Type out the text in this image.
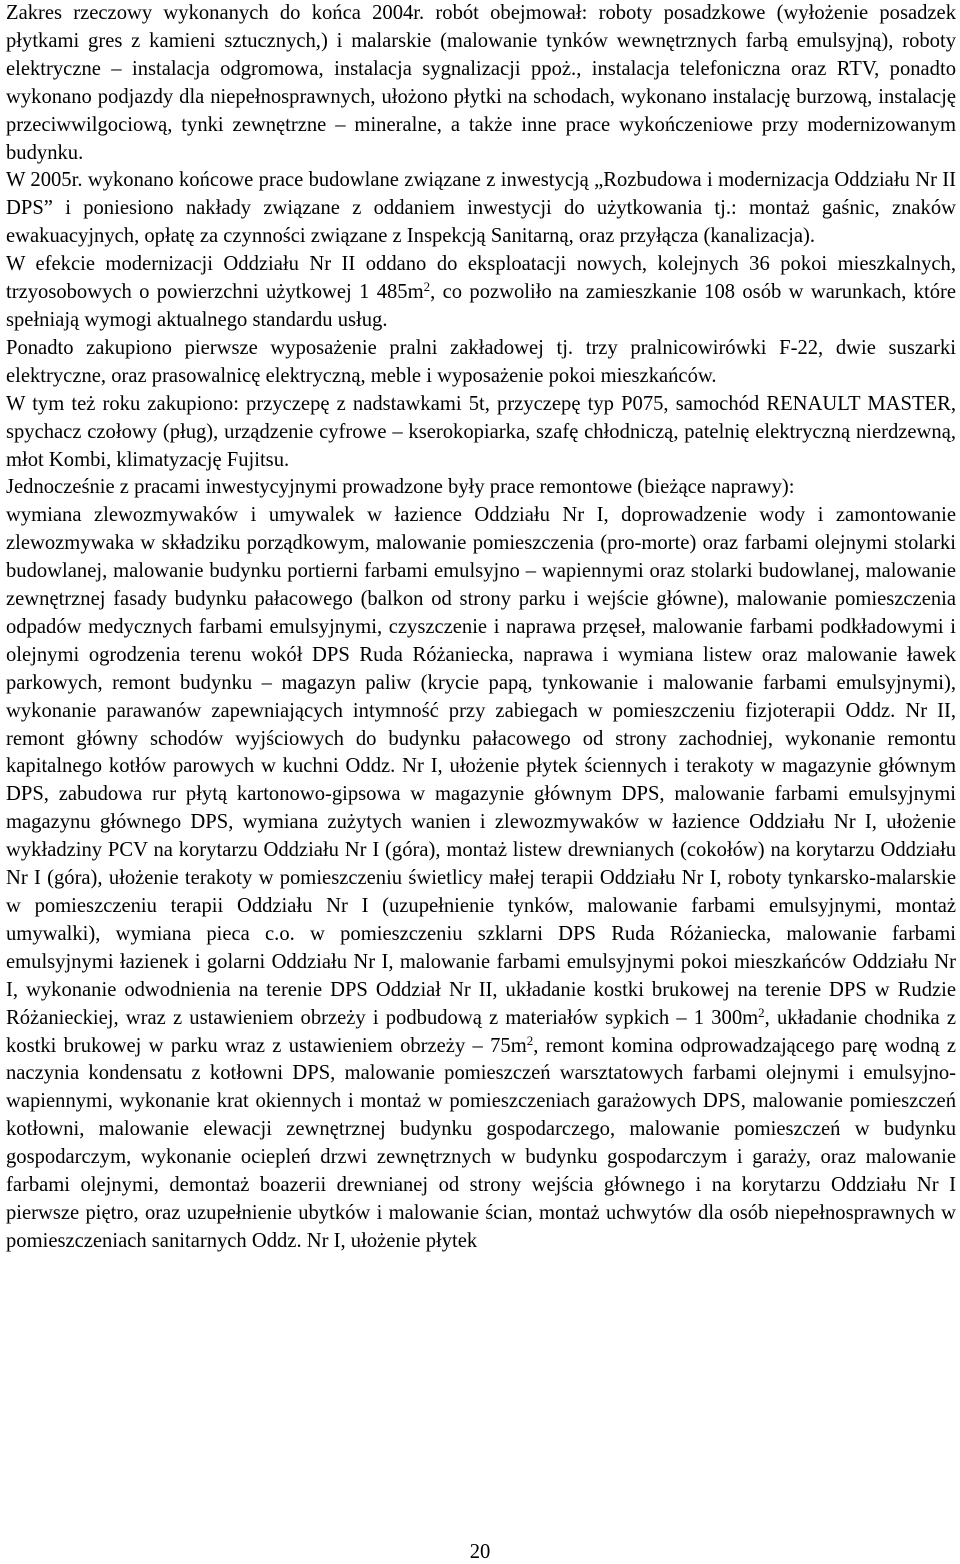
Zakres rzeczowy wykonanych do końca 2004r. robót obejmował: roboty posadzkowe (wyłożenie posadzek płytkami gres z kamieni sztucznych,) i malarskie (malowanie tynków wewnętrznych farbą emulsyjną), roboty elektryczne – instalacja odgromowa, instalacja sygnalizacji ppoż., instalacja telefoniczna oraz RTV, ponadto wykonano podjazdy dla niepełnosprawnych, ułożono płytki na schodach, wykonano instalację burzową, instalację przeciwwilgociową, tynki zewnętrzne – mineralne, a także inne prace wykończeniowe przy modernizowanym budynku.

W 2005r. wykonano końcowe prace budowlane związane z inwestycją „Rozbudowa i modernizacja Oddziału Nr II DPS” i poniesiono nakłady związane z oddaniem inwestycji do użytkowania tj.: montaż gaśnic, znaków ewakuacyjnych, opłatę za czynności związane z Inspekcją Sanitarną, oraz przyłącza (kanalizacja).

W efekcie modernizacji Oddziału Nr II oddano do eksploatacji nowych, kolejnych 36 pokoi mieszkalnych, trzyosobowych o powierzchni użytkowej 1 $485m^2$, co pozwoliło na zamieszkanie 108 osób w warunkach, które spełniają wymogi aktualnego standardu usług.

Ponadto zakupiono pierwsze wyposażenie pralni zakładowej tj. trzy pralnicowirówki F-22, dwie suszarki elektryczne, oraz prasowalnicę elektryczną, meble i wyposażenie pokoi mieszkańców.

W tym też roku zakupiono: przyczepę z nadstawkami 5t, przyczepę typ P075, samochód RENAULT MASTER, spychacz czołowy (pług), urządzenie cyfrowe – kserokopiarka, szafę chłodniczą, patelnię elektryczną nierdzewną, młot Kombi, klimatyzację Fujitsu.

Jednocześnie z pracami inwestycyjnymi prowadzone były prace remontowe (bieżące naprawy):

wymiana zlewozmywaków i umywalek w łazience Oddziału Nr I, doprowadzenie wody i zamontowanie zlewozmywaka w składziku porządkowym, malowanie pomieszczenia (pro-morte) oraz farbami olejnymi stolarki budowlanej, malowanie budynku portierni farbami emulsyjno – wapiennymi oraz stolarki budowlanej, malowanie zewnętrznej fasady budynku pałacowego (balkon od strony parku i wejście główne), malowanie pomieszczenia odpadów medycznych farbami emulsyjnymi, czyszczenie i naprawa przęseł, malowanie farbami podkładowymi i olejnymi ogrodzenia terenu wokół DPS Ruda Różaniecka, naprawa i wymiana listew oraz malowanie ławek parkowych, remont budynku – magazyn paliw (krycie papą, tynkowanie i malowanie farbami emulsyjnymi), wykonanie parawanów zapewniających intymność przy zabiegach w pomieszczeniu fizjoterapii Oddz. Nr II, remont główny schodów wyjściowych do budynku pałacowego od strony zachodniej, wykonanie remontu kapitalnego kotłów parowych w kuchni Oddz. Nr I, ułożenie płytek ściennych i terakoty w magazynie głównym DPS, zabudowa rur płytą kartonowo-gipsowa w magazynie głównym DPS, malowanie farbami emulsyjnymi magazynu głównego DPS, wymiana zużytych wanien i zlewozmywaków w łazience Oddziału Nr I, ułożenie wykładziny PCV na korytarzu Oddziału Nr I (góra), montaż listew drewnianych (cokołów) na korytarzu Oddziału Nr I (góra), ułożenie terakoty w pomieszczeniu świetlicy małej terapii Oddziału Nr I, roboty tynkarsko-malarskie w pomieszczeniu terapii Oddziału Nr I (uzupełnienie tynków, malowanie farbami emulsyjnymi, montaż umywalki), wymiana pieca c.o. w pomieszczeniu szklarni DPS Ruda Różaniecka, malowanie farbami emulsyjnymi łazienek i golarni Oddziału Nr I, malowanie farbami emulsyjnymi pokoi mieszkańców Oddziału Nr I, wykonanie odwodnienia na terenie DPS Oddział Nr II, układanie kostki brukowej na terenie DPS w Rudzie Różanieckiej, wraz z ustawieniem obrzeży i podbudową z materiałów sypkich – 1 $300m^2$, układanie chodnika z kostki brukowej w parku wraz z ustawieniem obrzeży – $75m^2$, remont komina odprowadzającego parę wodną z naczynia kondensatu z kotłowni DPS, malowanie pomieszczeń warsztatowych farbami olejnymi i emulsyjno-wapiennymi, wykonanie krat okiennych i montaż w pomieszczeniach garażowych DPS, malowanie pomieszczeń kotłowni, malowanie elewacji zewnętrznej budynku gospodarczego, malowanie pomieszczeń w budynku gospodarczym, wykonanie ociepleń drzwi zewnętrznych w budynku gospodarczym i garaży, oraz malowanie farbami olejnymi, demontaż boazerii drewnianej od strony wejścia głównego i na korytarzu Oddziału Nr I pierwsze piętro, oraz uzupełnienie ubytków i malowanie ścian, montaż uchwytów dla osób niepełnosprawnych w pomieszczeniach sanitarnych Oddz. Nr I, ułożenie płytek

20
